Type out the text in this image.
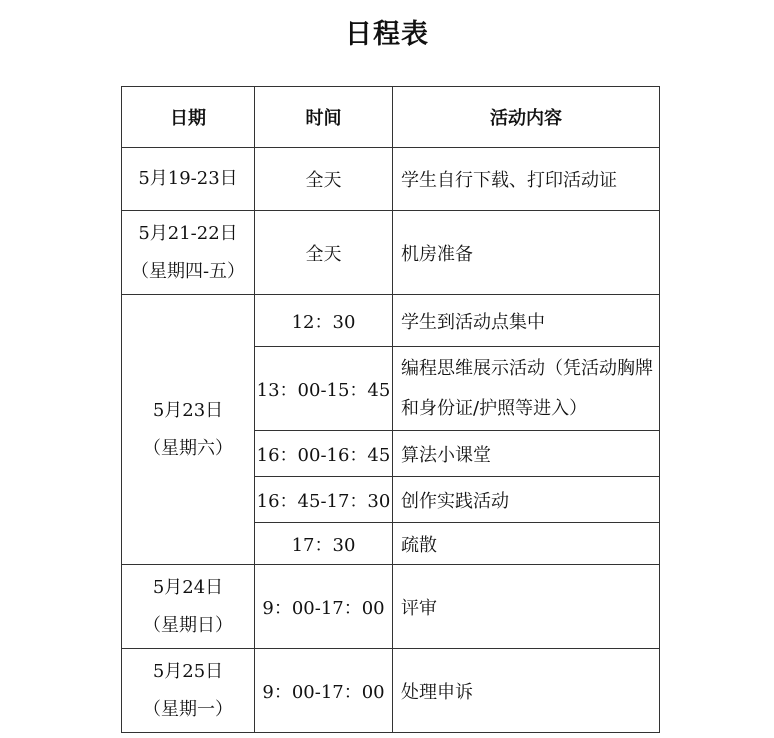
日程表
日期	时间	活动内容

5月19-23日	全天	学生自行下载、打印活动证

5月21-22日
（星期四-五）	全天	机房准备

5月23日
（星期六）	12：30	学生到活动点集中
	13：00-15：45	编程思维展示活动（凭活动胸牌和身份证/护照等进入）
	16：00-16：45	算法小课堂
	16：45-17：30	创作实践活动
	17：30	疏散

5月24日
（星期日）	9：00-17：00	评审

5月25日
（星期一）	9：00-17：00	处理申诉
